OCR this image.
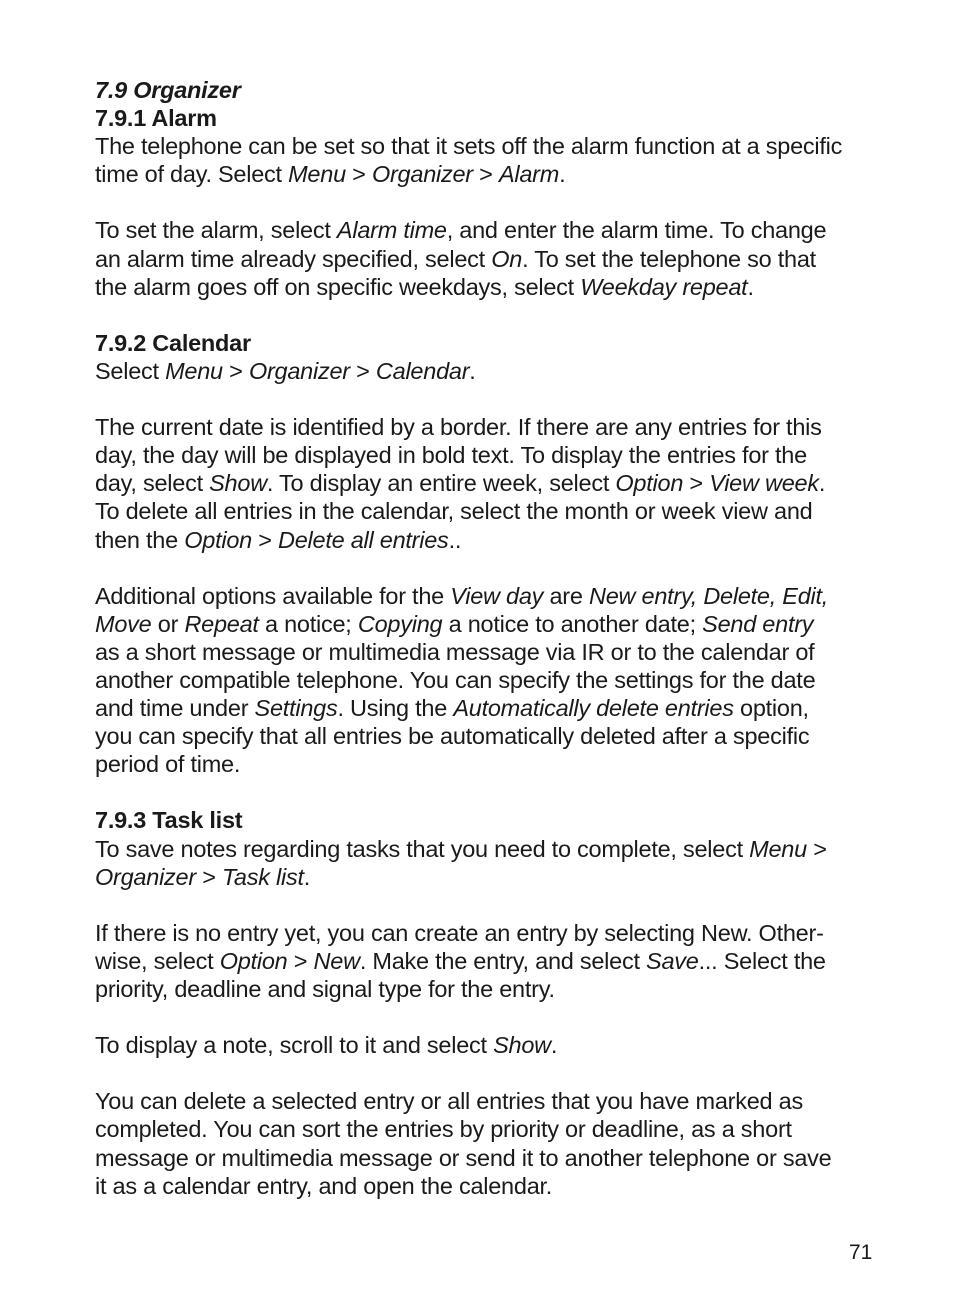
7.9 Organizer
7.9.1 Alarm
The telephone can be set so that it sets off the alarm function at a specific
time of day. Select Menu > Organizer > Alarm.
To set the alarm, select Alarm time, and enter the alarm time. To change
an alarm time already specified, select On. To set the telephone so that
the alarm goes off on specific weekdays, select Weekday repeat.
7.9.2 Calendar
Select Menu > Organizer > Calendar.
The current date is identified by a border. If there are any entries for this
day, the day will be displayed in bold text. To display the entries for the
day, select Show. To display an entire week, select Option > View week.
To delete all entries in the calendar, select the month or week view and
then the Option > Delete all entries..
Additional options available for the View day are New entry, Delete, Edit,
Move or Repeat a notice; Copying a notice to another date; Send entry
as a short message or multimedia message via IR or to the calendar of
another compatible telephone. You can specify the settings for the date
and time under Settings. Using the Automatically delete entries option,
you can specify that all entries be automatically deleted after a specific
period of time.
7.9.3 Task list
To save notes regarding tasks that you need to complete, select Menu >
Organizer > Task list.
If there is no entry yet, you can create an entry by selecting New. Other-
wise, select Option > New. Make the entry, and select Save... Select the
priority, deadline and signal type for the entry.
To display a note, scroll to it and select Show.
You can delete a selected entry or all entries that you have marked as
completed. You can sort the entries by priority or deadline, as a short
message or multimedia message or send it to another telephone or save
it as a calendar entry, and open the calendar.
71
